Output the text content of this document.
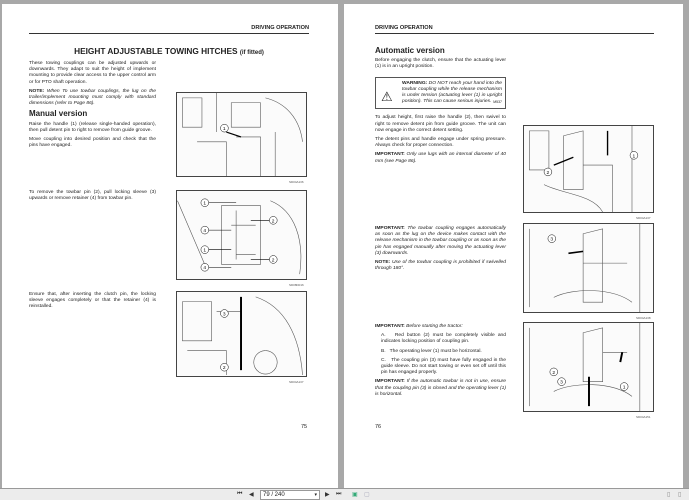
DRIVING OPERATION
HEIGHT ADJUSTABLE TOWING HITCHES (if fitted)

These towing couplings can be adjusted upwards or downwards. They adapt to suit the height of implement mounting to provide clear access to the upper control arm or for PTO shaft operation.

NOTE: When To use towbar couplings, the lug on the trailer/implement mounting must comply with standard dimensions (refer to Page 86).

Manual version

Raise the handle (1) (release single-handed operation), then pull detent pin to right to remove from guide groove.

Move coupling into desired position and check that the pins have engaged.

To remove the towbar pin (2), pull locking sleeve (3) upwards or remove retainer (4) from towbar pin.
Ensure that, after inserting the clutch pin, the locking sleeve engages completely or that the retainer (4) is reinstalled.
1
SD04A136
1
4
1
4
2
2
SD08D016
3
2
SD04A137
75
DRIVING OPERATION
Automatic version

Before engaging the clutch, ensure that the actuating lever (1) is in an upright position.

⚠
WARNING: DO NOT reach your hand into the towbar coupling while the release mechanism is under tension (actuating lever (1) in upright position). This can cause serious injuries. M537

To adjust height, first raise the handle (2), then swivel to right to remove detent pin from guide groove. The unit can now engage in the correct detent setting.

The detent pins and handle engage under spring pressure. Always check for proper connection.

IMPORTANT: Only use lugs with an internal diameter of 40 mm (see Page 86).

IMPORTANT: The towbar coupling engages automatically as soon as the lug on the device makes contact with the release mechanism in the towbar coupling or as soon as the pin has engaged manually after moving the actuating lever (3) downwards.

NOTE: Use of the towbar coupling is prohibited if swivelled through 180°.

IMPORTANT: Before starting the tractor:

A. Red button (2) must be completely visible and indicates locking position of coupling pin.

B. The operating lever (1) must be horizontal.

C. The coupling pin (3) must have fully engaged in the guide sleeve. Do not start towing or even set off until this pin has engaged properly.

IMPORTANT: If the automatic towbar is not in use, ensure that the coupling pin (3) is closed and the operating lever (1) is horizontal.

1
2
SD04A137
3
SD04A138
2
3
1
SD04A151
76
⏮ ◀	79 / 240	▾ ▶ ⏭ ▣ ▢	▯ ▯
